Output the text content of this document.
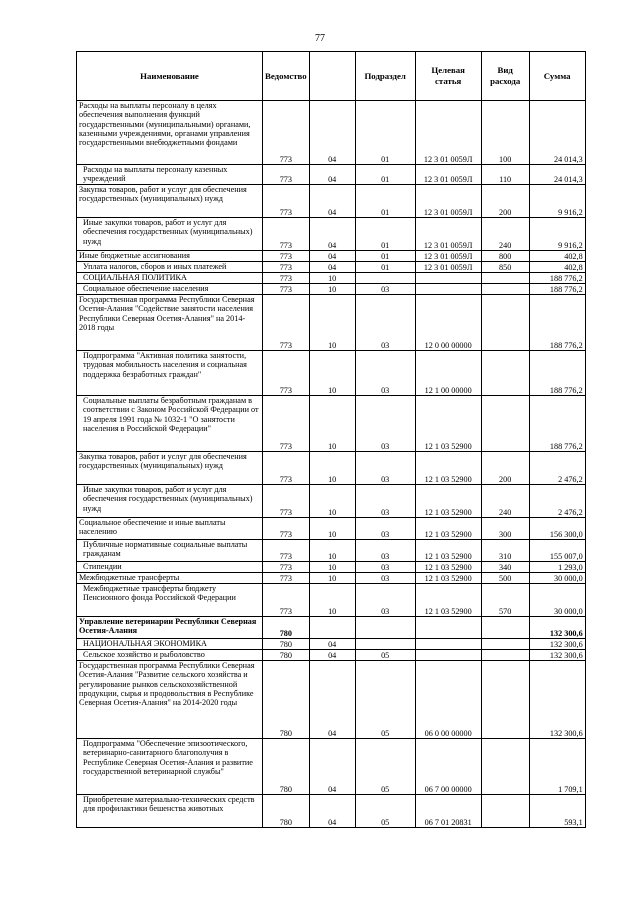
77
Наименование	Ведомство		Подраздел	Целевая статья	Вид расхода	Сумма
Расходы на выплаты персоналу в целях обеспечения выполнения функций государственными (муниципальными) органами, казенными учреждениями, органами управления государственными внебюджетными фондами	773	04	01	12 3 01 0059Л	100	24 014,3
Расходы на выплаты персоналу казенных учреждений	773	04	01	12 3 01 0059Л	110	24 014,3
Закупка товаров, работ и услуг для обеспечения государственных (муниципальных) нужд	773	04	01	12 3 01 0059Л	200	9 916,2
Иные закупки товаров, работ и услуг для обеспечения государственных (муниципальных) нужд	773	04	01	12 3 01 0059Л	240	9 916,2
Иные бюджетные ассигнования	773	04	01	12 3 01 0059Л	800	402,8
Уплата налогов, сборов и иных платежей	773	04	01	12 3 01 0059Л	850	402,8
СОЦИАЛЬНАЯ ПОЛИТИКА	773	10				188 776,2
Социальное обеспечение населения	773	10	03			188 776,2
Государственная программа Республики Северная Осетия-Алания "Содействие занятости населения Республики Северная Осетия-Алания" на 2014-2018 годы	773	10	03	12 0 00 00000		188 776,2
Подпрограмма "Активная политика занятости, трудовая мобильность населения и социальная поддержка безработных граждан"	773	10	03	12 1 00 00000		188 776,2
Социальные выплаты безработным гражданам в соответствии с Законом Российской Федерации от 19 апреля 1991 года № 1032-1 "О занятости населения в Российской Федерации"	773	10	03	12 1 03 52900		188 776,2
Закупка товаров, работ и услуг для обеспечения государственных (муниципальных) нужд	773	10	03	12 1 03 52900	200	2 476,2
Иные закупки товаров, работ и услуг для обеспечения государственных (муниципальных) нужд	773	10	03	12 1 03 52900	240	2 476,2
Социальное обеспечение и иные выплаты населению	773	10	03	12 1 03 52900	300	156 300,0
Публичные нормативные социальные выплаты гражданам	773	10	03	12 1 03 52900	310	155 007,0
Стипендии	773	10	03	12 1 03 52900	340	1 293,0
Межбюджетные трансферты	773	10	03	12 1 03 52900	500	30 000,0
Межбюджетные трансферты бюджету Пенсионного фонда Российской Федерации	773	10	03	12 1 03 52900	570	30 000,0
Управление ветеринарии Республики Северная Осетия-Алания	780					132 300,6
НАЦИОНАЛЬНАЯ ЭКОНОМИКА	780	04				132 300,6
Сельское хозяйство и рыболовство	780	04	05			132 300,6
Государственная программа Республики Северная Осетия-Алания "Развитие сельского хозяйства и регулирование рынков сельскохозяйственной продукции, сырья и продовольствия в Республике Северная Осетия-Алания" на 2014-2020 годы	780	04	05	06 0 00 00000		132 300,6
Подпрограмма "Обеспечение эпизоотического, ветеринарно-санитарного благополучия в Республике Северная Осетия-Алания и развитие государственной ветеринарной службы"	780	04	05	06 7 00 00000		1 709,1
Приобретение материально-технических средств для профилактики бешенства животных	780	04	05	06 7 01 20831		593,1
